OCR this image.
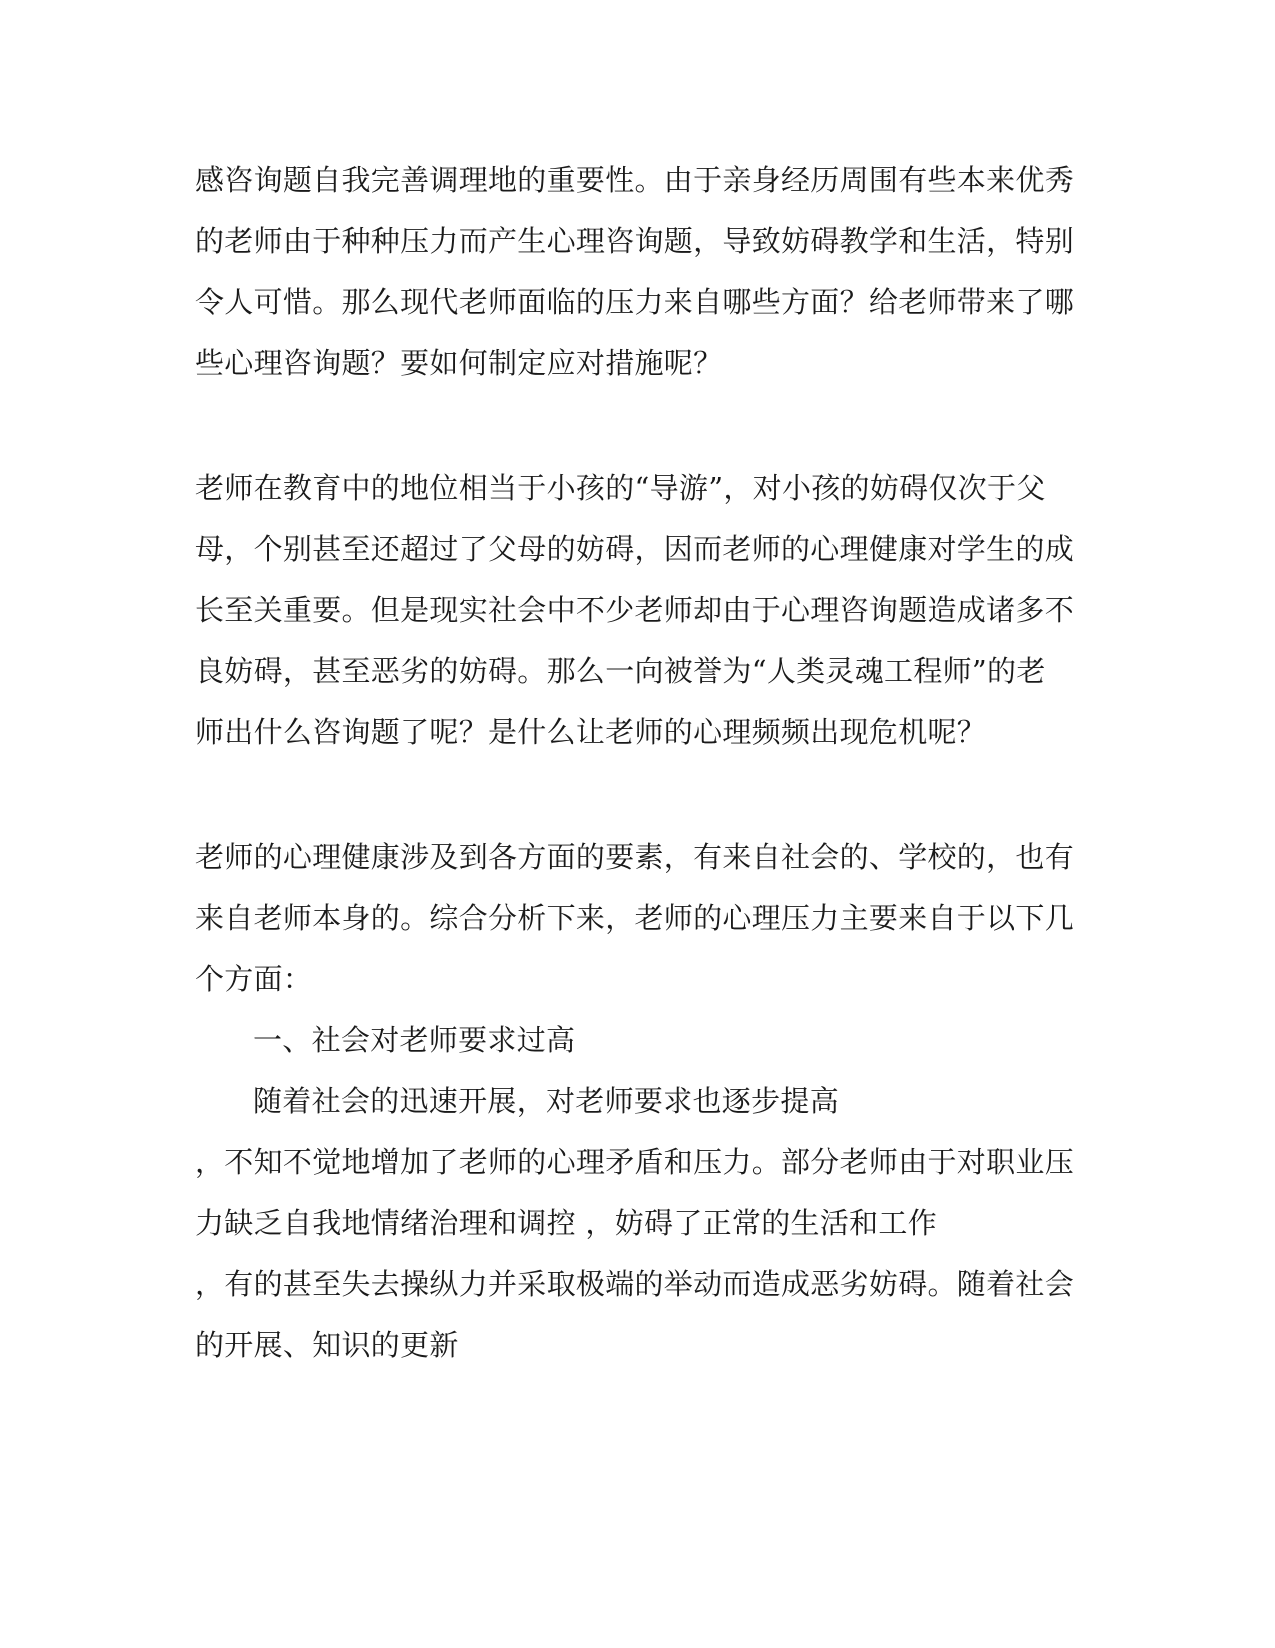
感咨询题自我完善调理地的重要性。由于亲身经历周围有些本来优秀

的老师由于种种压力而产生心理咨询题，导致妨碍教学和生活，特别

令人可惜。那么现代老师面临的压力来自哪些方面？给老师带来了哪

些心理咨询题？要如何制定应对措施呢？

老师在教育中的地位相当于小孩的“导游”，对小孩的妨碍仅次于父

母，个别甚至还超过了父母的妨碍，因而老师的心理健康对学生的成

长至关重要。但是现实社会中不少老师却由于心理咨询题造成诸多不

良妨碍，甚至恶劣的妨碍。那么一向被誉为“人类灵魂工程师”的老

师出什么咨询题了呢？是什么让老师的心理频频出现危机呢？

老师的心理健康涉及到各方面的要素，有来自社会的、学校的，也有

来自老师本身的。综合分析下来，老师的心理压力主要来自于以下几

个方面：

一、社会对老师要求过高

随着社会的迅速开展，对老师要求也逐步提高

，不知不觉地增加了老师的心理矛盾和压力。部分老师由于对职业压

力缺乏自我地情绪治理和调控 ，妨碍了正常的生活和工作

，有的甚至失去操纵力并采取极端的举动而造成恶劣妨碍。随着社会

的开展、知识的更新
